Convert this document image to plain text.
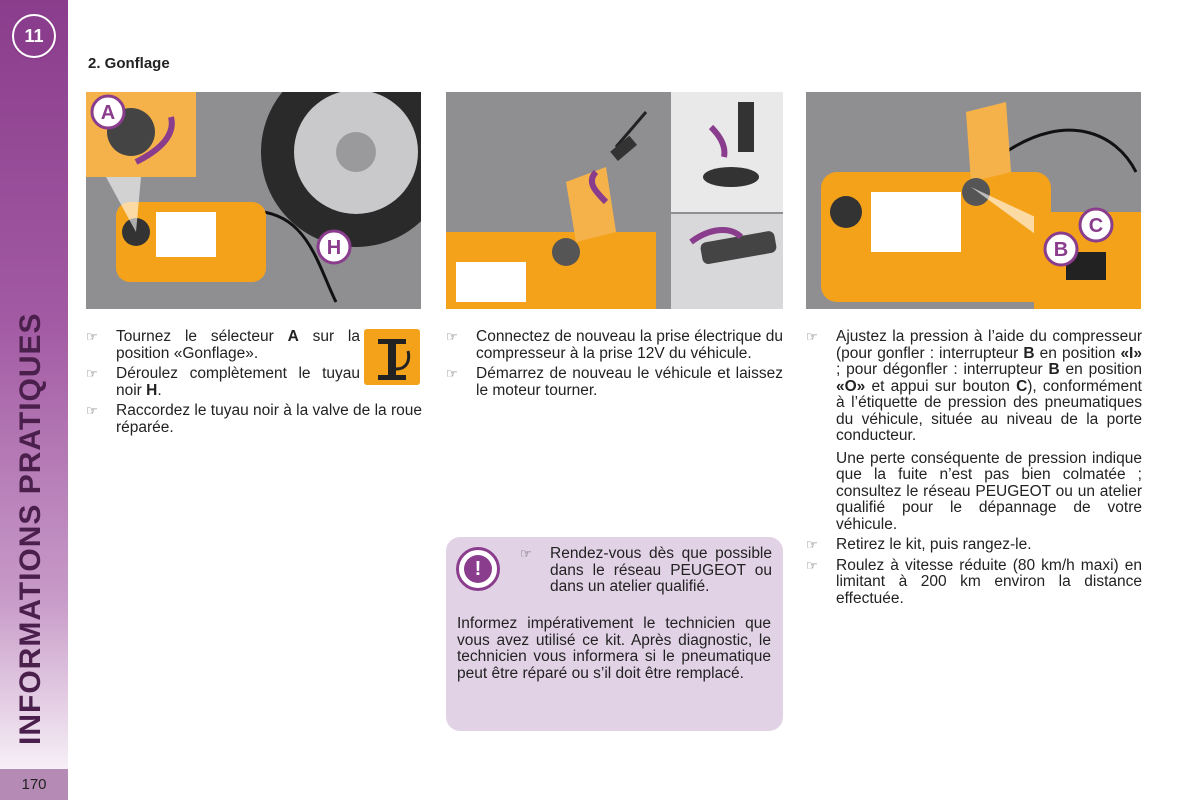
11
INFORMATIONS PRATIQUES
170
2. Gonflage
A
H
C
B
☞ Tournez le sélecteur A sur la position «Gonflage».
☞ Déroulez complètement le tuyau noir H.
☞ Raccordez le tuyau noir à la valve de la roue réparée.
☞ Connectez de nouveau la prise électrique du compresseur à la prise 12V du véhicule.
☞ Démarrez de nouveau le véhicule et laissez le moteur tourner.
!
☞ Rendez-vous dès que possible dans le réseau PEUGEOT ou dans un atelier qualifié.
Informez impérativement le technicien que vous avez utilisé ce kit. Après diagnostic, le technicien vous informera si le pneumatique peut être réparé ou s’il doit être remplacé.
☞ Ajustez la pression à l’aide du compresseur (pour gonfler : interrupteur B en position «I» ; pour dégonfler : interrupteur B en position «O» et appui sur bouton C), conformément à l’étiquette de pression des pneumatiques du véhicule, située au niveau de la porte conducteur.
Une perte conséquente de pression indique que la fuite n’est pas bien colmatée ; consultez le réseau PEUGEOT ou un atelier qualifié pour le dépannage de votre véhicule.
☞ Retirez le kit, puis rangez-le.
☞ Roulez à vitesse réduite (80 km/h maxi) en limitant à 200 km environ la distance effectuée.
